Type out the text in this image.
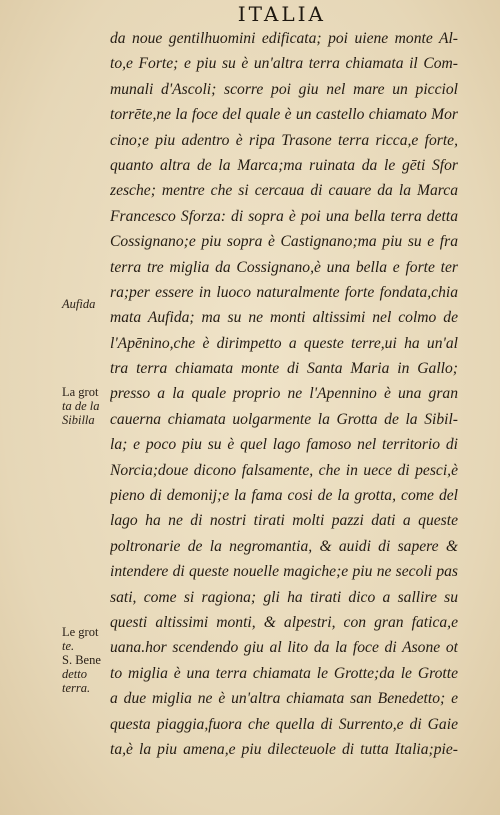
ITALIA
da noue gentilhuomini edificata; poi uiene monte Al-
to,e Forte; e piu su è un'altra terra chiamata il Com-
munali d'Ascoli; scorre poi giu nel mare un picciol
torrēte,ne la foce del quale è un castello chiamato Mor
cino;e piu adentro è ripa Trasone terra ricca,e forte,
quanto altra de la Marca;ma ruinata da le gēti Sfor
zesche; mentre che si cercaua di cauare da la Marca
Francesco Sforza: di sopra è poi una bella terra detta
Cossignano;e piu sopra è Castignano;ma piu su e fra
terra tre miglia da Cossignano,è una bella e forte ter
ra;per essere in luoco naturalmente forte fondata,chia
mata Aufida; ma su ne monti altissimi nel colmo de
l'Apēnino,che è dirimpetto a queste terre,ui ha un'al
tra terra chiamata monte di Santa Maria in Gallo;
presso a la quale proprio ne l'Apennino è una gran
cauerna chiamata uolgarmente la Grotta de la Sibil-
la; e poco piu su è quel lago famoso nel territorio di
Norcia;doue dicono falsamente, che in uece di pesci,è
pieno di demonij;e la fama cosi de la grotta, come del
lago ha ne di nostri tirati molti pazzi dati a queste
poltronarie de la negromantia, & auidi di sapere &
intendere di queste nouelle magiche;e piu ne secoli pas
sati, come si ragiona; gli ha tirati dico a sallire su
questi altissimi monti, & alpestri, con gran fatica,e
uana.hor scendendo giu al lito da la foce di Asone ot
to miglia è una terra chiamata le Grotte;da le Grotte
a due miglia ne è un'altra chiamata san Benedetto; e
questa piaggia,fuora che quella di Surrento,e di Gaie
ta,è la piu amena,e piu dilecteuole di tutta Italia;pie-
Aufida
La grot
ta de la
Sibilla
Le grot
te.
S. Bene
detto
terra.
